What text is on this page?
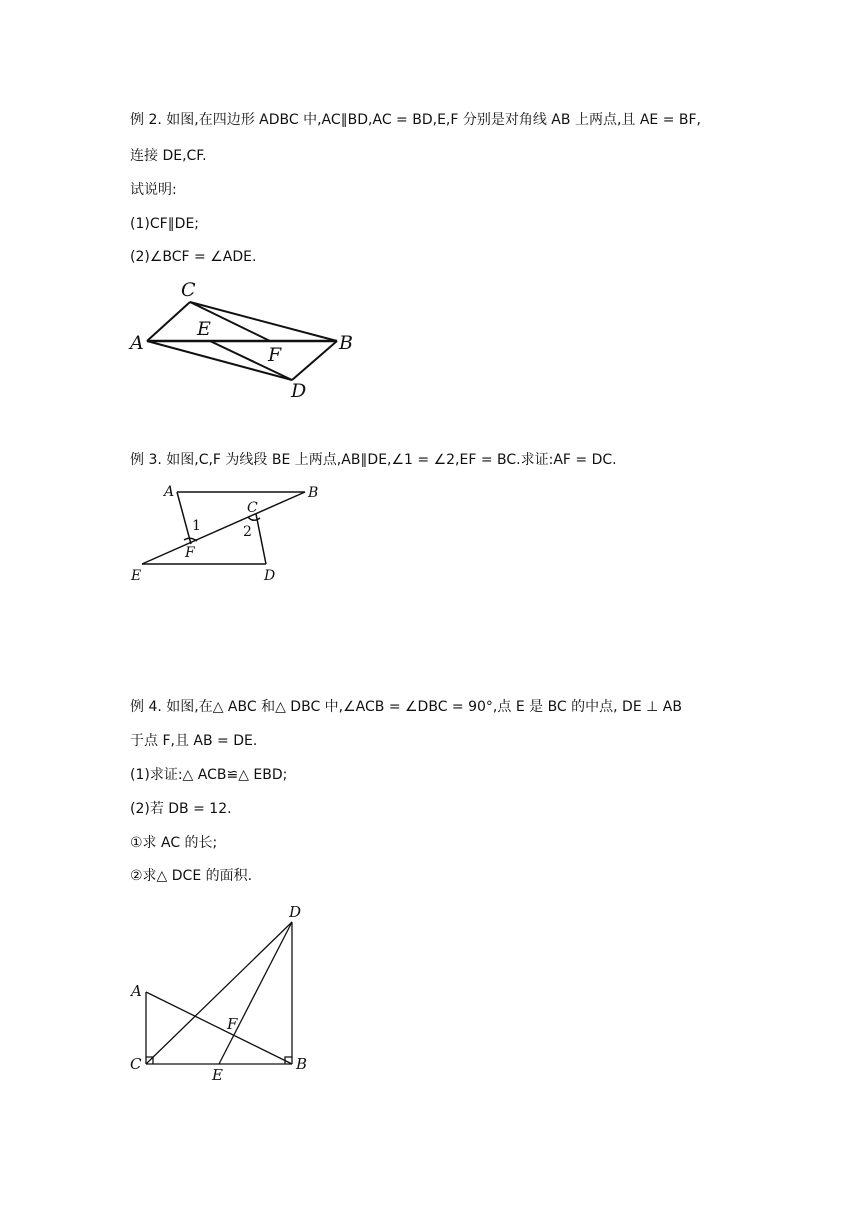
例 2. 如图,在四边形 ADBC 中,AC∥BD,AC = BD,E,F 分别是对角线 AB 上两点,且 AE = BF,
连接 DE,CF.
试说明:
(1)CF∥DE;
(2)∠BCF = ∠ADE.
C
A
E
F
B
D
A	B
C
1	2
F
E	D
D
A
F
C	B
E
例 3. 如图,C,F 为线段 BE 上两点,AB∥DE,∠1 = ∠2,EF = BC.求证:AF = DC.
例 4. 如图,在△ ABC 和△ DBC 中,∠ACB = ∠DBC = 90°,点 E 是 BC 的中点, DE ⊥ AB
于点 F,且 AB = DE.
(1)求证:△ ACB≌△ EBD;
(2)若 DB = 12.
①求 AC 的长;
②求△ DCE 的面积.
